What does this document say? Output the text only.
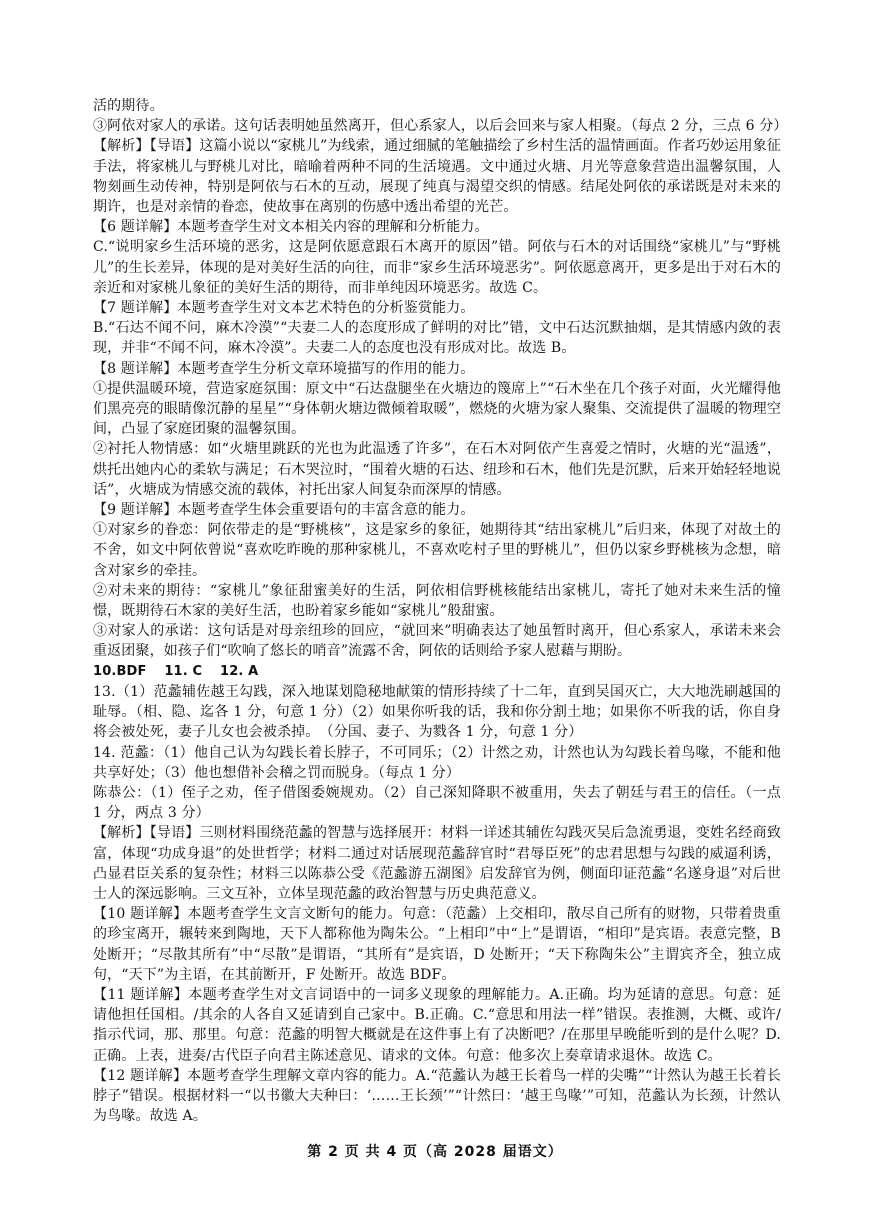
活的期待。

③阿依对家人的承诺。这句话表明她虽然离开，但心系家人，以后会回来与家人相聚。（每点 2 分，三点 6 分）

【解析】【导语】这篇小说以“家桃儿”为线索，通过细腻的笔触描绘了乡村生活的温情画面。作者巧妙运用象征手法，将家桃儿与野桃儿对比，暗喻着两种不同的生活境遇。文中通过火塘、月光等意象营造出温馨氛围，人物刻画生动传神，特别是阿依与石木的互动，展现了纯真与渴望交织的情感。结尾处阿依的承诺既是对未来的期许，也是对亲情的眷恋，使故事在离别的伤感中透出希望的光芒。

【6 题详解】本题考查学生对文本相关内容的理解和分析能力。

C.“说明家乡生活环境的恶劣，这是阿依愿意跟石木离开的原因”错。阿依与石木的对话围绕“家桃儿”与“野桃儿”的生长差异，体现的是对美好生活的向往，而非“家乡生活环境恶劣”。阿依愿意离开，更多是出于对石木的亲近和对家桃儿象征的美好生活的期待，而非单纯因环境恶劣。故选 C。

【7 题详解】本题考查学生对文本艺术特色的分析鉴赏能力。

B.“石达不闻不问，麻木冷漠”“夫妻二人的态度形成了鲜明的对比”错，文中石达沉默抽烟，是其情感内敛的表现，并非“不闻不问，麻木冷漠”。夫妻二人的态度也没有形成对比。故选 B。

【8 题详解】本题考查学生分析文章环境描写的作用的能力。

①提供温暖环境，营造家庭氛围：原文中“石达盘腿坐在火塘边的篾席上”“石木坐在几个孩子对面，火光耀得他们黑亮亮的眼睛像沉静的星星”“身体朝火塘边微倾着取暖”，燃烧的火塘为家人聚集、交流提供了温暖的物理空间，凸显了家庭团聚的温馨氛围。

②衬托人物情感：如“火塘里跳跃的光也为此温透了许多”，在石木对阿依产生喜爱之情时，火塘的光“温透”，烘托出她内心的柔软与满足；石木哭泣时，“围着火塘的石达、纽珍和石木，他们先是沉默，后来开始轻轻地说话”，火塘成为情感交流的载体，衬托出家人间复杂而深厚的情感。

【9 题详解】本题考查学生体会重要语句的丰富含意的能力。

①对家乡的眷恋：阿依带走的是“野桃核”，这是家乡的象征，她期待其“结出家桃儿”后归来，体现了对故土的不舍，如文中阿依曾说“喜欢吃昨晚的那种家桃儿，不喜欢吃村子里的野桃儿”，但仍以家乡野桃核为念想，暗含对家乡的牵挂。

②对未来的期待：“家桃儿”象征甜蜜美好的生活，阿依相信野桃核能结出家桃儿，寄托了她对未来生活的憧憬，既期待石木家的美好生活，也盼着家乡能如“家桃儿”般甜蜜。

③对家人的承诺：这句话是对母亲纽珍的回应，“就回来”明确表达了她虽暂时离开，但心系家人，承诺未来会重返团聚，如孩子们“吹响了悠长的哨音”流露不舍，阿依的话则给予家人慰藉与期盼。

10.BDF　 11. C　 12. A

13.（1）范蠡辅佐越王勾践，深入地谋划隐秘地献策的情形持续了十二年，直到吴国灭亡，大大地洗刷越国的耻辱。（相、隐、迄各 1 分，句意 1 分）（2）如果你听我的话，我和你分割土地；如果你不听我的话，你自身将会被处死，妻子儿女也会被杀掉。　（分国、妻子、为戮各 1 分，句意 1 分）

14. 范蠡：（1）他自己认为勾践长着长脖子，不可同乐；（2）计然之劝，计然也认为勾践长着鸟喙，不能和他共享好处；（3）他也想借补会稽之罚而脱身。（每点 1 分）

陈恭公：（1）侄子之劝，侄子借图委婉规劝。（2）自己深知降职不被重用，失去了朝廷与君王的信任。（一点 1 分，两点 3 分）

【解析】【导语】三则材料围绕范蠡的智慧与选择展开：材料一详述其辅佐勾践灭吴后急流勇退，变姓名经商致富，体现“功成身退”的处世哲学；材料二通过对话展现范蠡辞官时“君辱臣死”的忠君思想与勾践的威逼利诱，凸显君臣关系的复杂性；材料三以陈恭公受《范蠡游五湖图》启发辞官为例，侧面印证范蠡“名遂身退”对后世士人的深远影响。三文互补，立体呈现范蠡的政治智慧与历史典范意义。

【10 题详解】本题考查学生文言文断句的能力。句意：（范蠡）上交相印，散尽自己所有的财物，只带着贵重的珍宝离开，辗转来到陶地，天下人都称他为陶朱公。“上相印”中“上”是谓语，“相印”是宾语。表意完整，B 处断开；“尽散其所有”中“尽散”是谓语，“其所有”是宾语，D 处断开；“天下称陶朱公”主谓宾齐全，独立成句，“天下”为主语，在其前断开，F 处断开。故选 BDF。

【11 题详解】本题考查学生对文言词语中的一词多义现象的理解能力。A.正确。均为延请的意思。句意：延请他担任国相。/其余的人各自又延请到自己家中。B.正确。C.“意思和用法一样”错误。表推测，大概、或许/指示代词，那、那里。句意：范蠡的明智大概就是在这件事上有了决断吧？/在那里早晚能听到的是什么呢？D.正确。上表，进奏/古代臣子向君主陈述意见、请求的文体。句意：他多次上奏章请求退休。故选 C。

【12 题详解】本题考查学生理解文章内容的能力。A.“范蠡认为越王长着鸟一样的尖嘴”“计然认为越王长着长脖子”错误。根据材料一“以书徽大夫种曰：‘……王长颈’”“计然曰：‘越王鸟喙’”可知，范蠡认为长颈，计然认为鸟喙。故选 A。

第 2 页 共 4 页（高 2028 届语文）
